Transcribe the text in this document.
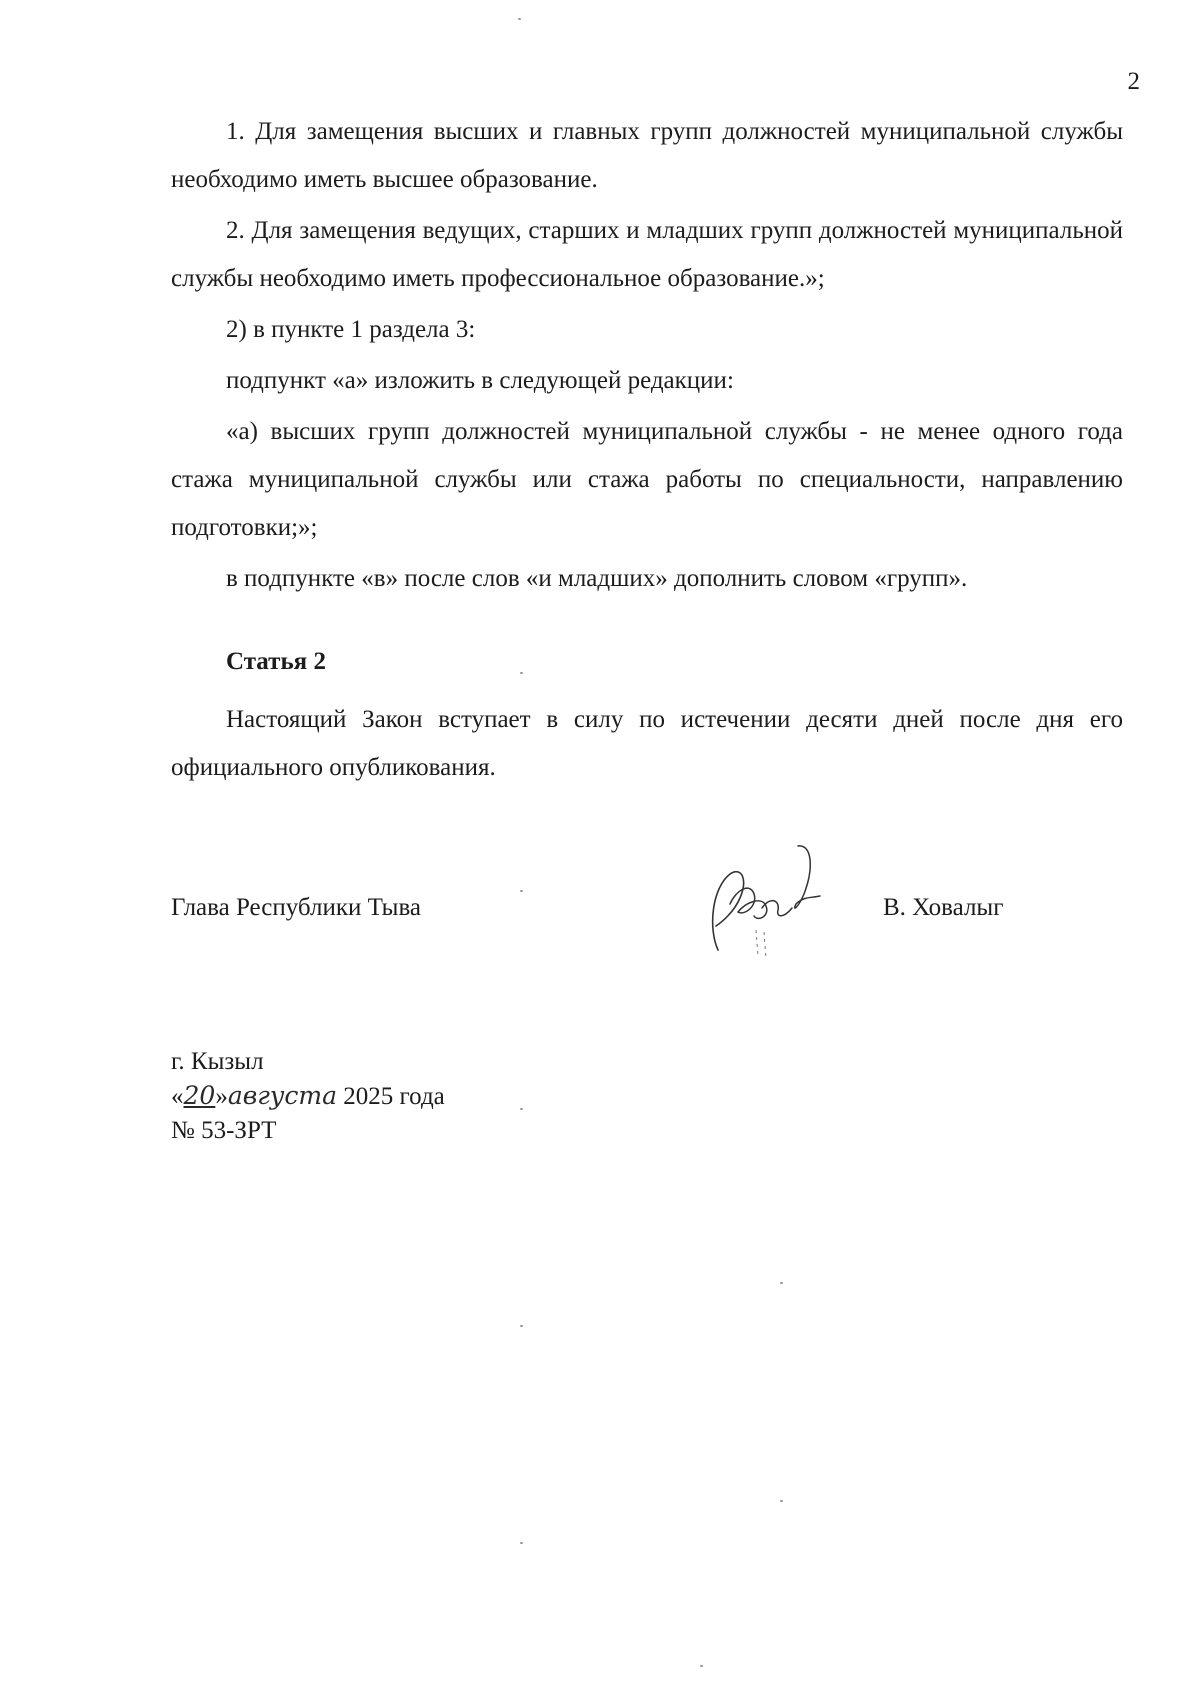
2

1. Для замещения высших и главных групп должностей муниципальной службы необходимо иметь высшее образование.

2. Для замещения ведущих, старших и младших групп должностей муниципальной службы необходимо иметь профессиональное образование.»;

2) в пункте 1 раздела 3:

подпункт «а» изложить в следующей редакции:

«а) высших групп должностей муниципальной службы - не менее одного года стажа муниципальной службы или стажа работы по специальности, направлению подготовки;»;

в подпункте «в» после слов «и младших» дополнить словом «групп».

Статья 2

Настоящий Закон вступает в силу по истечении десяти дней после дня его официального опубликования.

Глава Республики Тыва	В. Ховалыг
г. Кызыл
«20»августа 2025 года
№ 53-ЗРТ
